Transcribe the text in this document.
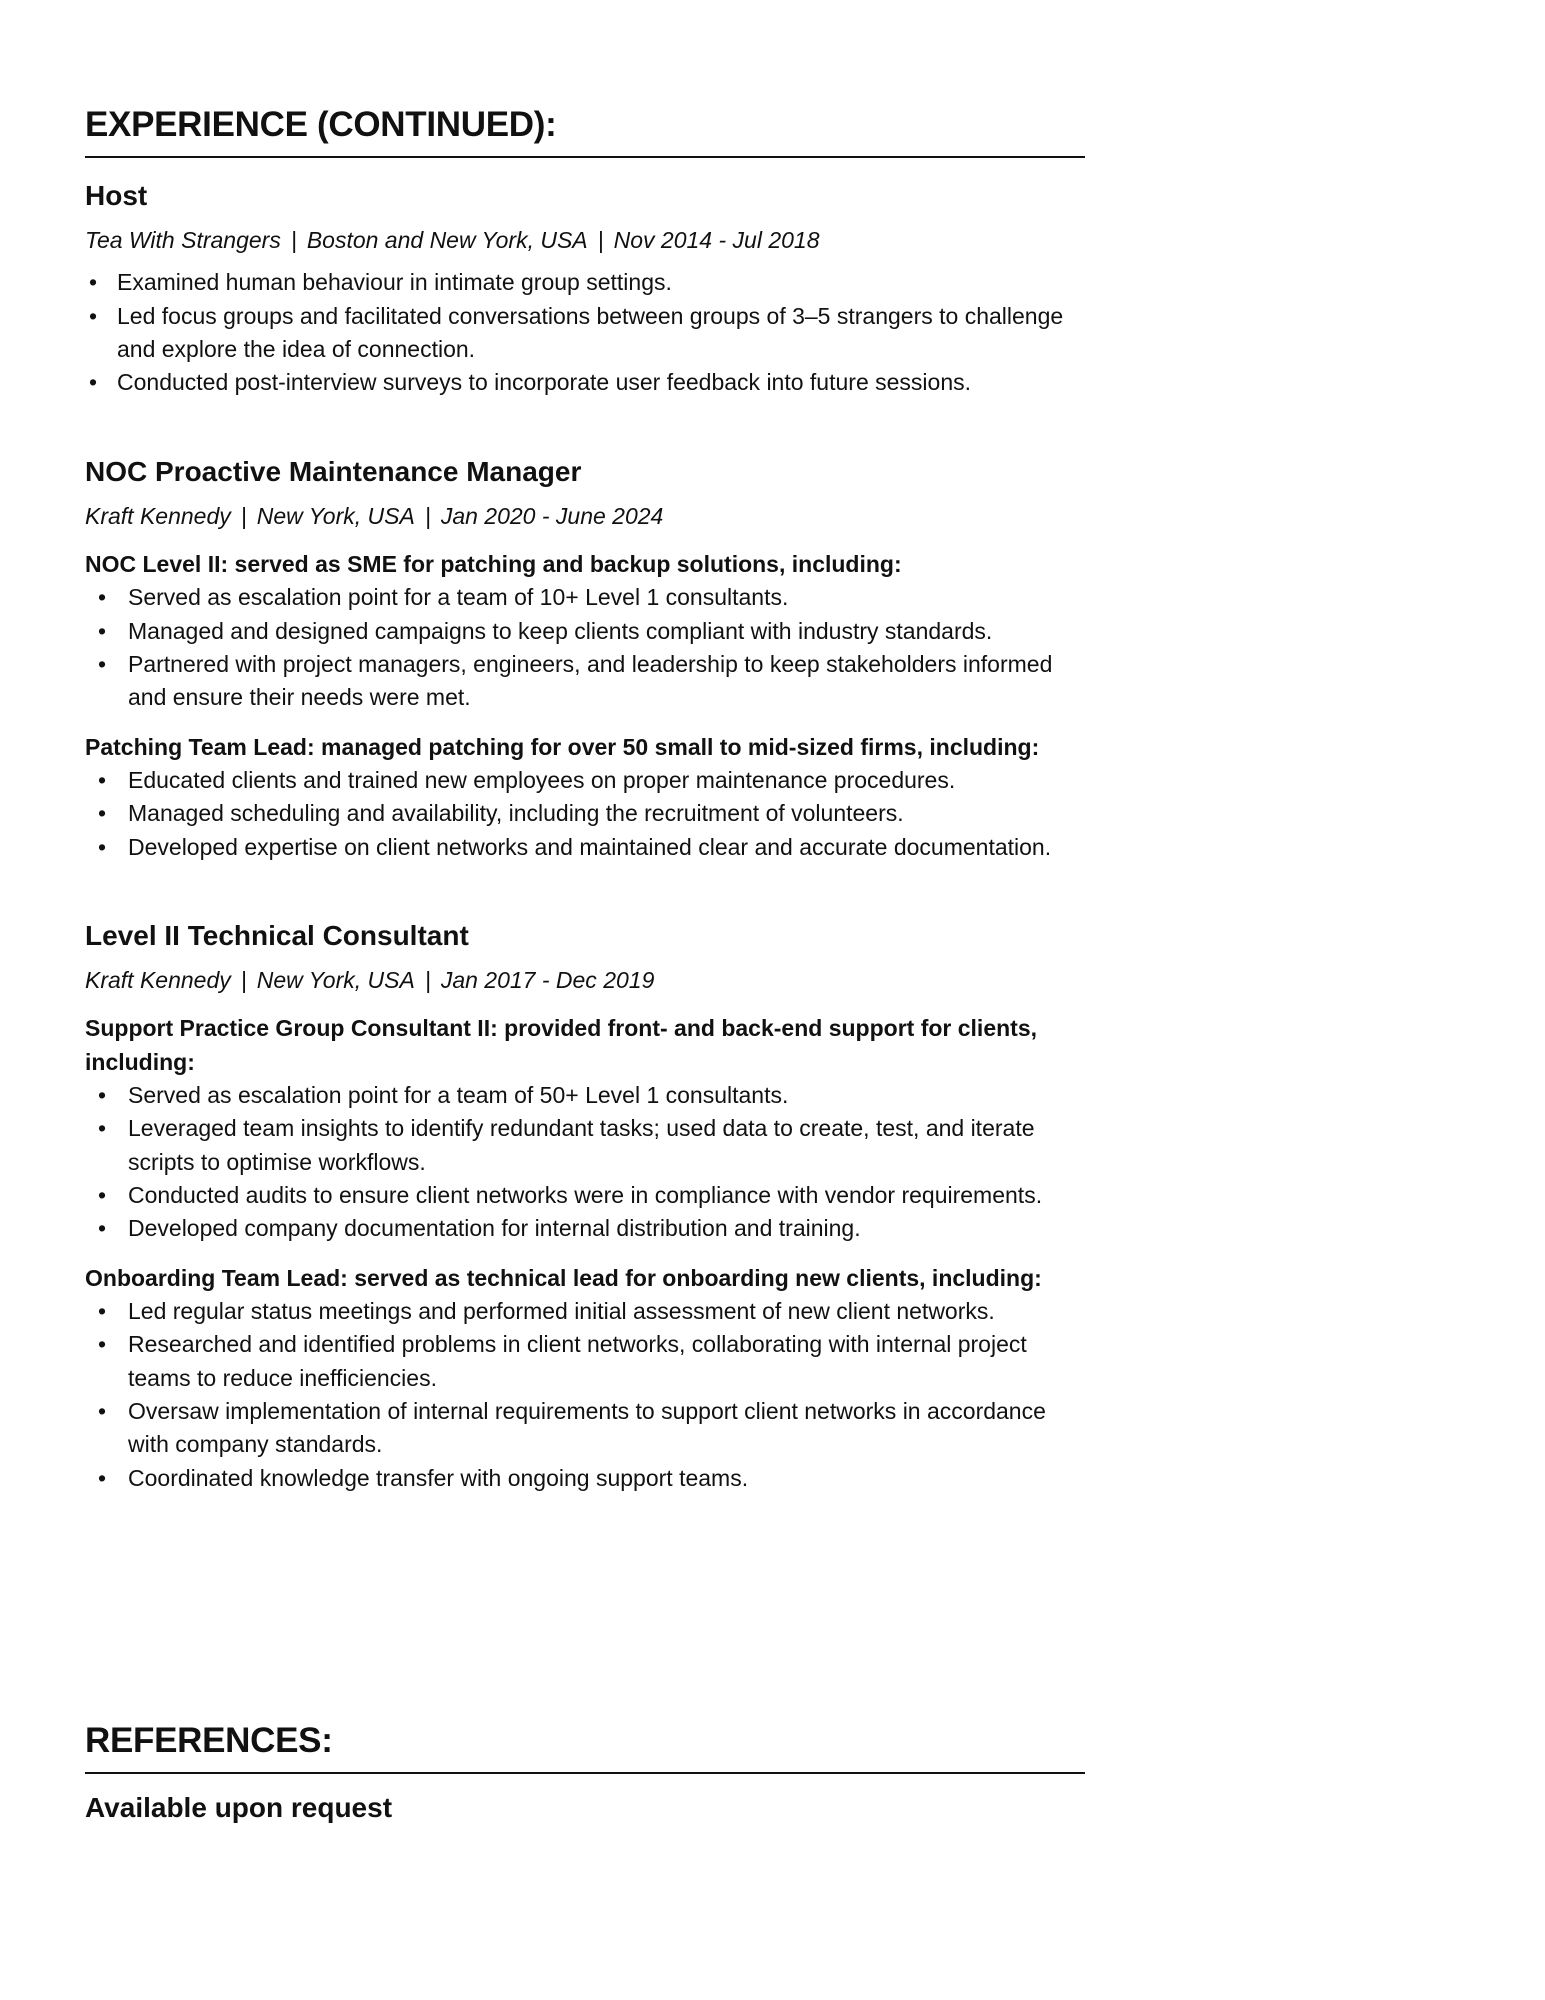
EXPERIENCE (CONTINUED):
Host

Tea With Strangers | Boston and New York, USA | Nov 2014 - Jul 2018

• Examined human behaviour in intimate group settings.
• Led focus groups and facilitated conversations between groups of 3–5 strangers to challenge and explore the idea of connection.
• Conducted post-interview surveys to incorporate user feedback into future sessions.
NOC Proactive Maintenance Manager

Kraft Kennedy | New York, USA | Jan 2020 - June 2024

NOC Level II: served as SME for patching and backup solutions, including:

• Served as escalation point for a team of 10+ Level 1 consultants.
• Managed and designed campaigns to keep clients compliant with industry standards.
• Partnered with project managers, engineers, and leadership to keep stakeholders informed and ensure their needs were met.

Patching Team Lead: managed patching for over 50 small to mid-sized firms, including:

• Educated clients and trained new employees on proper maintenance procedures.
• Managed scheduling and availability, including the recruitment of volunteers.
• Developed expertise on client networks and maintained clear and accurate documentation.
Level II Technical Consultant

Kraft Kennedy | New York, USA | Jan 2017 - Dec 2019

Support Practice Group Consultant II: provided front- and back-end support for clients, including:

• Served as escalation point for a team of 50+ Level 1 consultants.
• Leveraged team insights to identify redundant tasks; used data to create, test, and iterate scripts to optimise workflows.
• Conducted audits to ensure client networks were in compliance with vendor requirements.
• Developed company documentation for internal distribution and training.

Onboarding Team Lead: served as technical lead for onboarding new clients, including:

• Led regular status meetings and performed initial assessment of new client networks.
• Researched and identified problems in client networks, collaborating with internal project teams to reduce inefficiencies.
• Oversaw implementation of internal requirements to support client networks in accordance with company standards.
• Coordinated knowledge transfer with ongoing support teams.
REFERENCES:

Available upon request
